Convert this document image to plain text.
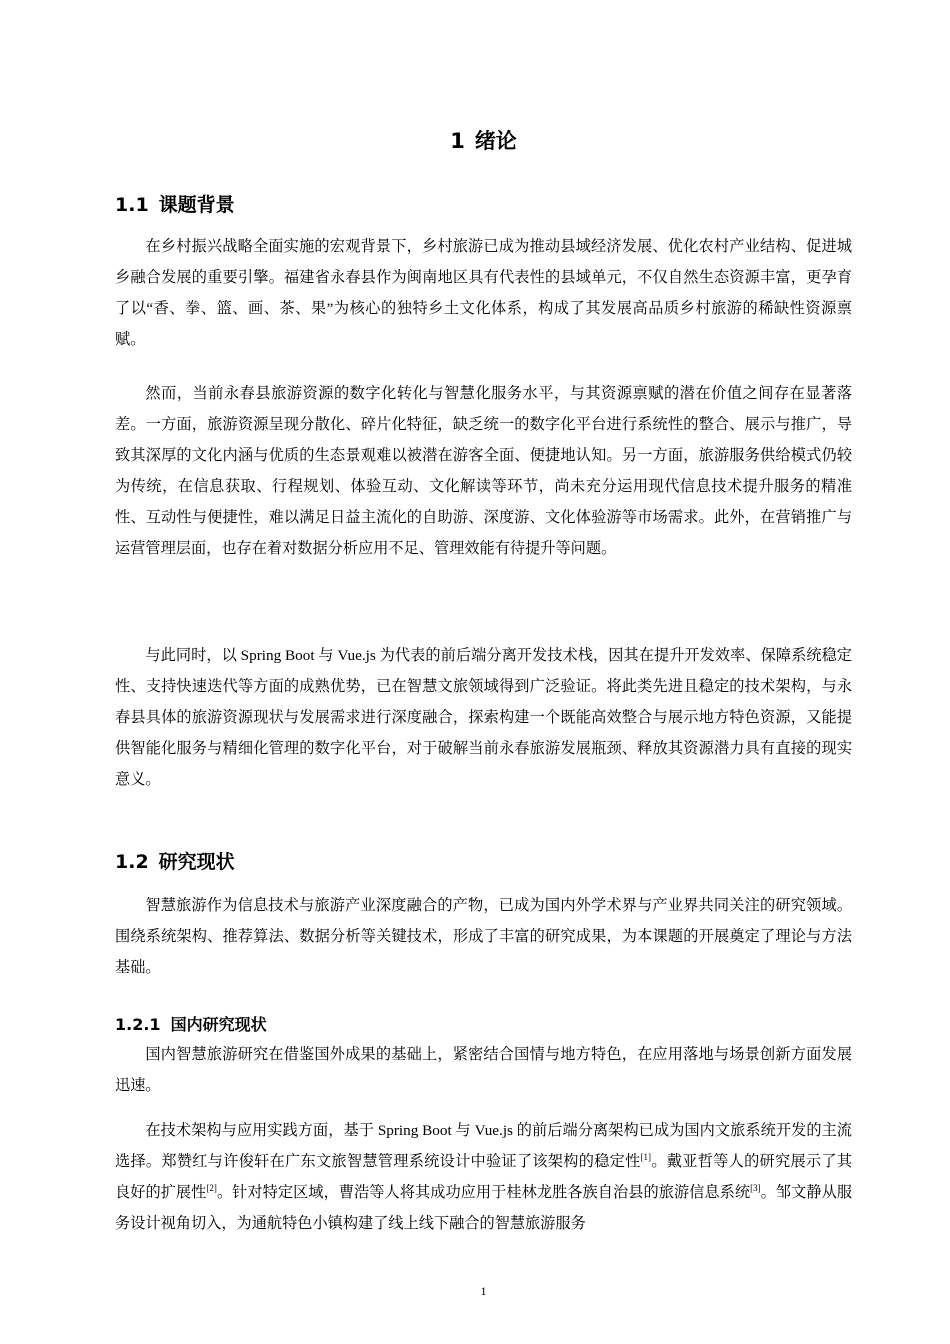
1 绪论
1.1 课题背景

在乡村振兴战略全面实施的宏观背景下，乡村旅游已成为推动县域经济发展、优化农村产业结构、促进城乡融合发展的重要引擎。福建省永春县作为闽南地区具有代表性的县域单元，不仅自然生态资源丰富，更孕育了以“香、拳、篮、画、茶、果”为核心的独特乡土文化体系，构成了其发展高品质乡村旅游的稀缺性资源禀赋。

然而，当前永春县旅游资源的数字化转化与智慧化服务水平，与其资源禀赋的潜在价值之间存在显著落差。一方面，旅游资源呈现分散化、碎片化特征，缺乏统一的数字化平台进行系统性的整合、展示与推广，导致其深厚的文化内涵与优质的生态景观难以被潜在游客全面、便捷地认知。另一方面，旅游服务供给模式仍较为传统，在信息获取、行程规划、体验互动、文化解读等环节，尚未充分运用现代信息技术提升服务的精准性、互动性与便捷性，难以满足日益主流化的自助游、深度游、文化体验游等市场需求。此外，在营销推广与运营管理层面，也存在着对数据分析应用不足、管理效能有待提升等问题。

与此同时，以 Spring Boot 与 Vue.js 为代表的前后端分离开发技术栈，因其在提升开发效率、保障系统稳定性、支持快速迭代等方面的成熟优势，已在智慧文旅领域得到广泛验证。将此类先进且稳定的技术架构，与永春县具体的旅游资源现状与发展需求进行深度融合，探索构建一个既能高效整合与展示地方特色资源，又能提供智能化服务与精细化管理的数字化平台，对于破解当前永春旅游发展瓶颈、释放其资源潜力具有直接的现实意义。

1.2 研究现状

智慧旅游作为信息技术与旅游产业深度融合的产物，已成为国内外学术界与产业界共同关注的研究领域。围绕系统架构、推荐算法、数据分析等关键技术，形成了丰富的研究成果，为本课题的开展奠定了理论与方法基础。

1.2.1 国内研究现状

国内智慧旅游研究在借鉴国外成果的基础上，紧密结合国情与地方特色，在应用落地与场景创新方面发展迅速。

在技术架构与应用实践方面，基于 Spring Boot 与 Vue.js 的前后端分离架构已成为国内文旅系统开发的主流选择。郑赞红与许俊轩在广东文旅智慧管理系统设计中验证了该架构的稳定性[1]。戴亚哲等人的研究展示了其良好的扩展性[2]。针对特定区域，曹浩等人将其成功应用于桂林龙胜各族自治县的旅游信息系统[3]。邹文静从服务设计视角切入，为通航特色小镇构建了线上线下融合的智慧旅游服务

1
